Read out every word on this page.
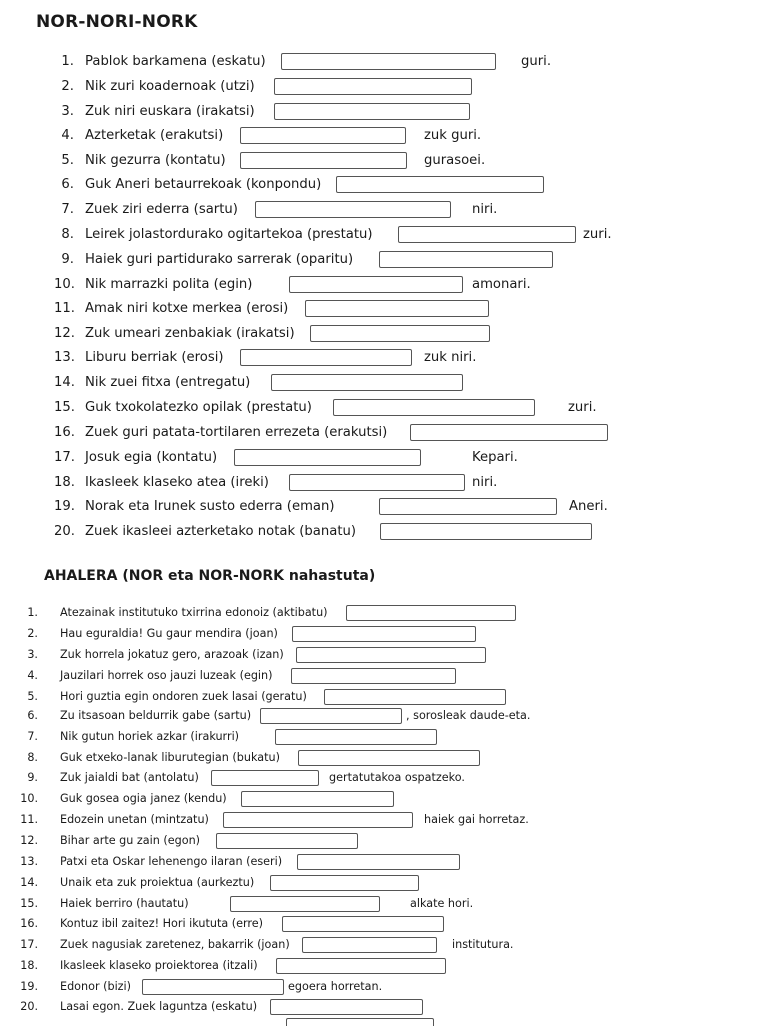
NOR-NORI-NORK
1. Pablok barkamena (eskatu)	guri.
2. Nik zuri koadernoak (utzi)
3. Zuk niri euskara (irakatsi)
4. Azterketak (erakutsi)	zuk guri.
5. Nik gezurra (kontatu)	gurasoei.
6. Guk Aneri betaurrekoak (konpondu)
7. Zuek ziri ederra (sartu)	niri.
8. Leirek jolastordurako ogitartekoa (prestatu)	zuri.
9. Haiek guri partidurako sarrerak (oparitu)
10. Nik marrazki polita (egin)	amonari.
11. Amak niri kotxe merkea (erosi)
12. Zuk umeari zenbakiak (irakatsi)
13. Liburu berriak (erosi)	zuk niri.
14. Nik zuei fitxa (entregatu)
15. Guk txokolatezko opilak (prestatu)	zuri.
16. Zuek guri patata-tortilaren errezeta (erakutsi)
17. Josuk egia (kontatu)	Kepari.
18. Ikasleek klaseko atea (ireki)	niri.
19. Norak eta Irunek susto ederra (eman)	Aneri.
20. Zuek ikasleei azterketako notak (banatu)
AHALERA (NOR eta NOR-NORK nahastuta)
1. Atezainak institutuko txirrina edonoiz (aktibatu)
2. Hau eguraldia! Gu gaur mendira (joan)
3. Zuk horrela jokatuz gero, arazoak (izan)
4. Jauzilari horrek oso jauzi luzeak (egin)
5. Hori guztia egin ondoren zuek lasai (geratu)
6. Zu itsasoan beldurrik gabe (sartu)	, sorosleak daude-eta.
7. Nik gutun horiek azkar (irakurri)
8. Guk etxeko-lanak liburutegian (bukatu)
9. Zuk jaialdi bat (antolatu)	gertatutakoa ospatzeko.
10. Guk gosea ogia janez (kendu)
11. Edozein unetan (mintzatu)	haiek gai horretaz.
12. Bihar arte gu zain (egon)
13. Patxi eta Oskar lehenengo ilaran (eseri)
14. Unaik eta zuk proiektua (aurkeztu)
15. Haiek berriro (hautatu)	alkate hori.
16. Kontuz ibil zaitez! Hori ikututa (erre)
17. Zuek nagusiak zaretenez, bakarrik (joan)	institutura.
18. Ikasleek klaseko proiektorea (itzali)
19. Edonor (bizi)	egoera horretan.
20. Lasai egon. Zuek laguntza (eskatu)
